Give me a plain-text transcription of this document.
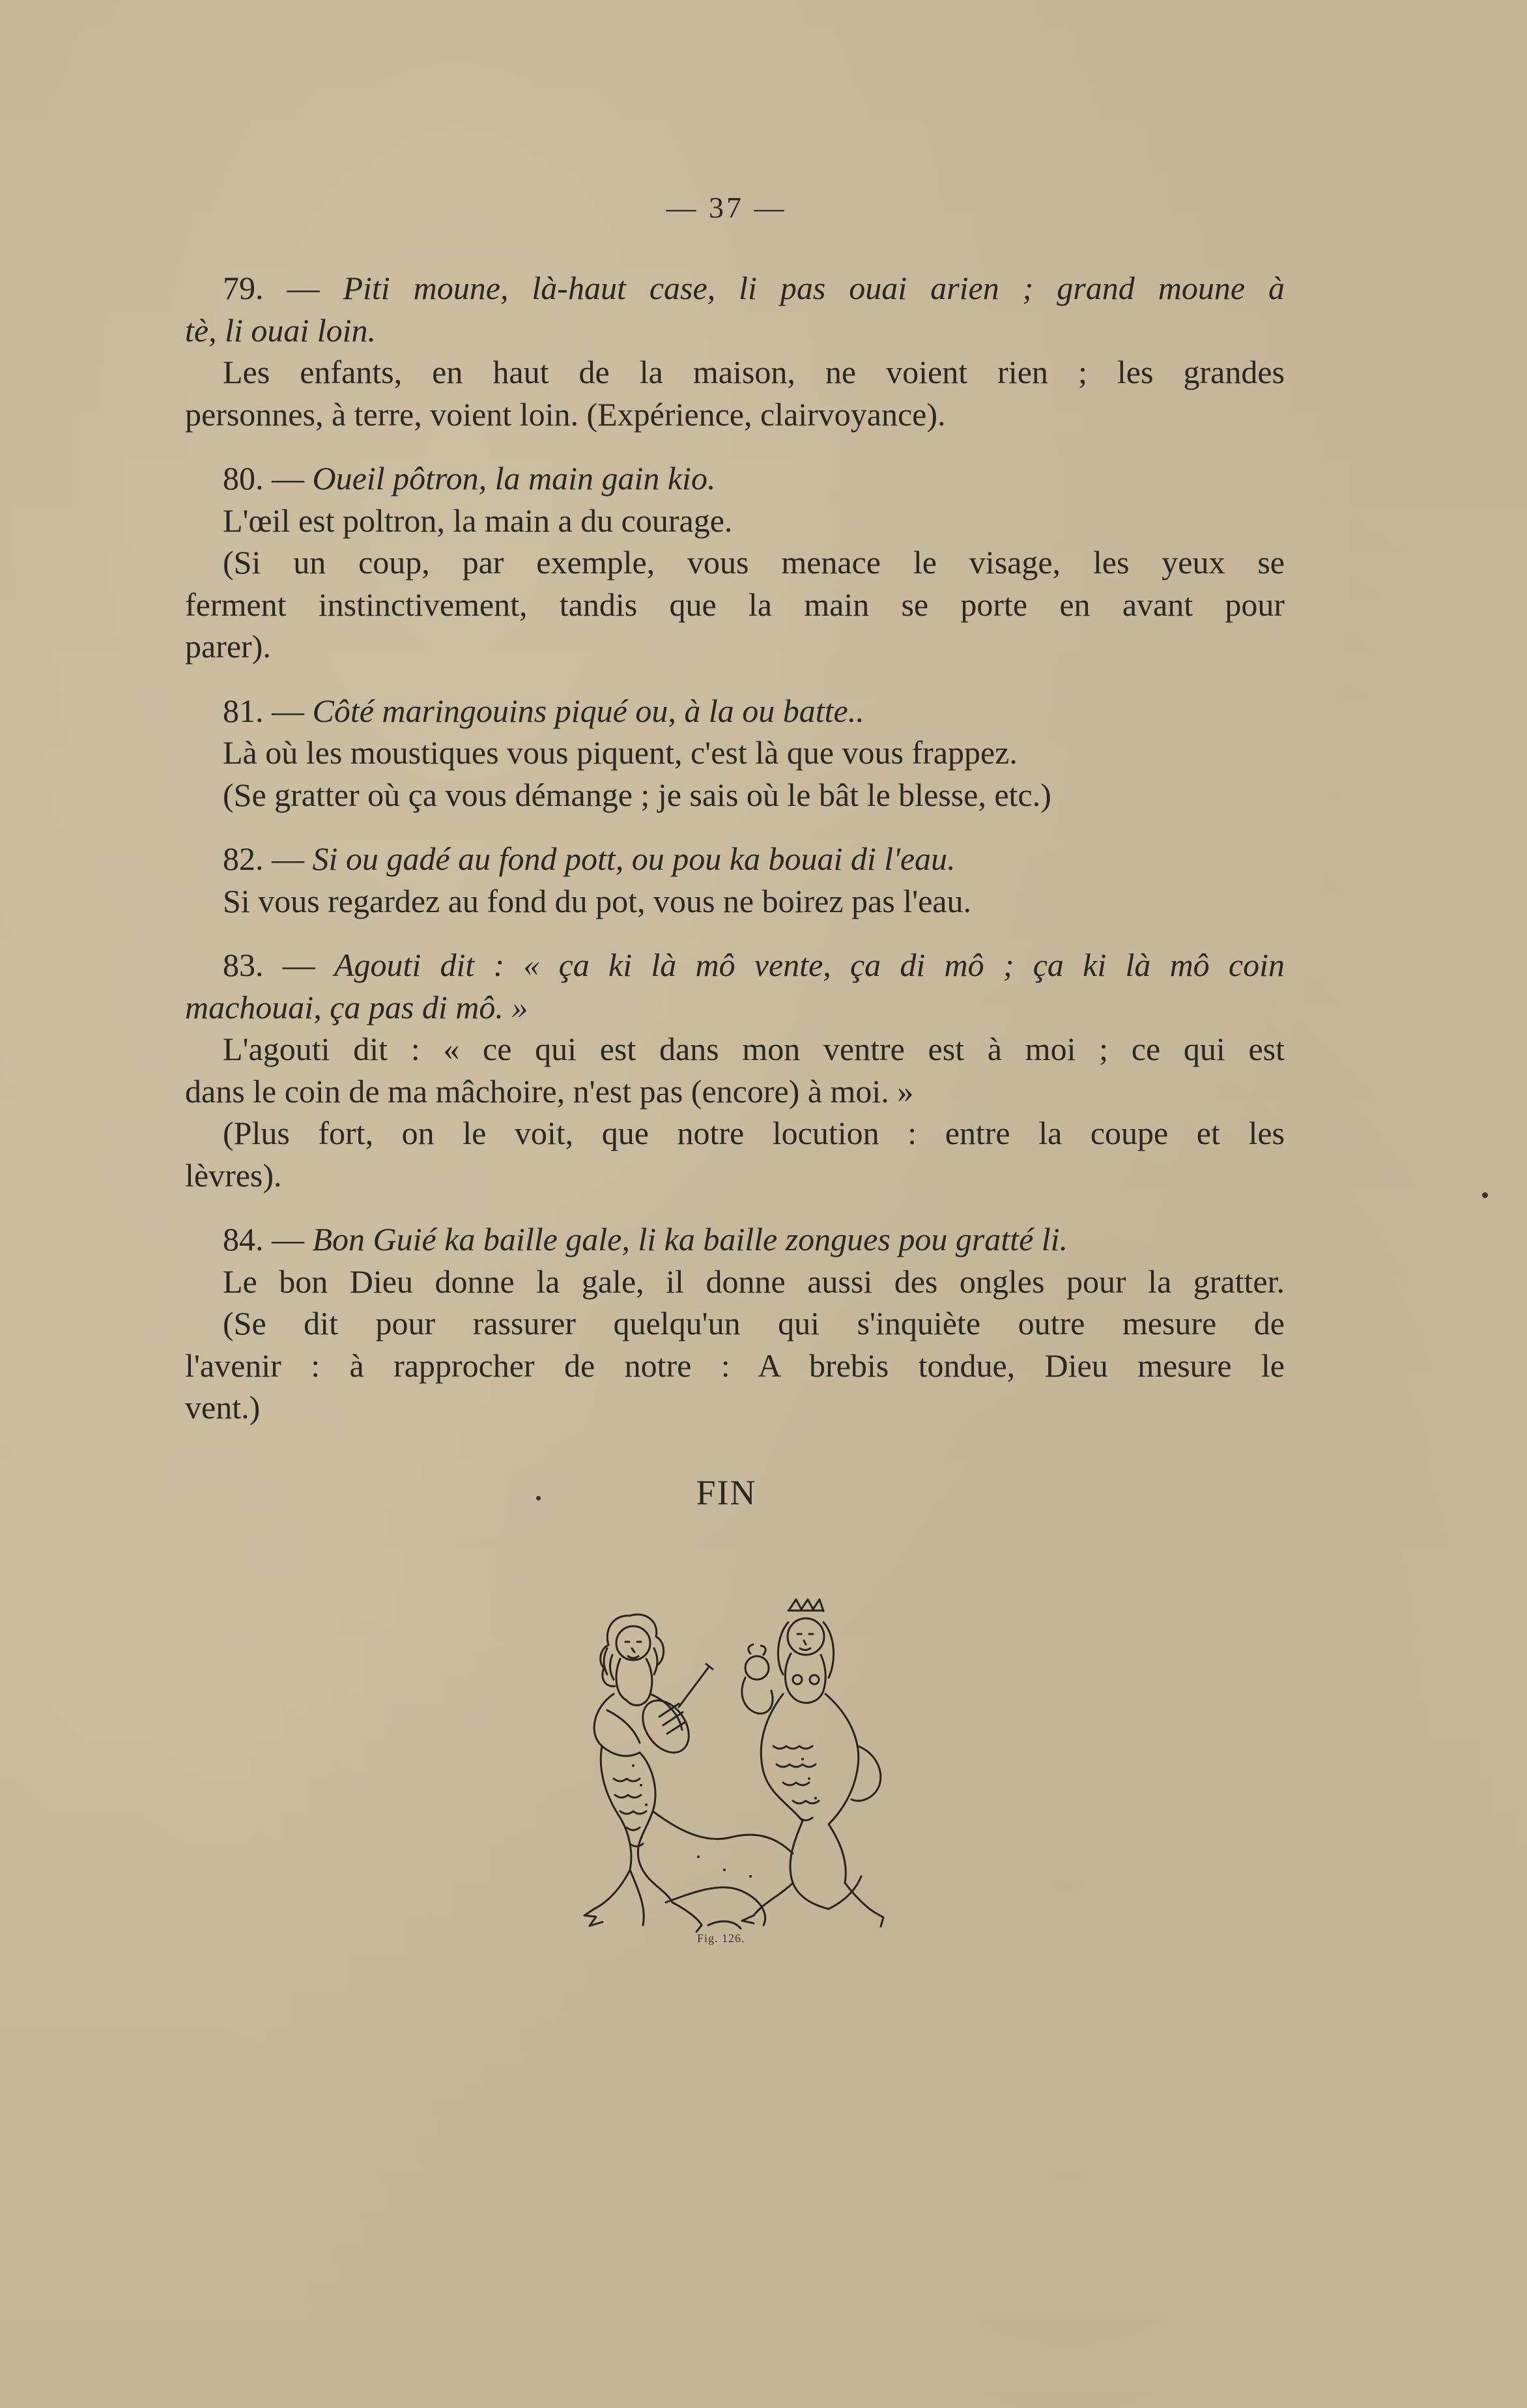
— 37 —
79. — Piti moune, là-haut case, li pas ouai arien ; grand moune à
tè, li ouai loin.
Les enfants, en haut de la maison, ne voient rien ; les grandes
personnes, à terre, voient loin. (Expérience, clairvoyance).
80. — Oueil pôtron, la main gain kio.
L'œil est poltron, la main a du courage.
(Si un coup, par exemple, vous menace le visage, les yeux se
ferment instinctivement, tandis que la main se porte en avant pour
parer).
81. — Côté maringouins piqué ou, à la ou batte..
Là où les moustiques vous piquent, c'est là que vous frappez.
(Se gratter où ça vous démange ; je sais où le bât le blesse, etc.)
82. — Si ou gadé au fond pott, ou pou ka bouai di l'eau.
Si vous regardez au fond du pot, vous ne boirez pas l'eau.
83. — Agouti dit : « ça ki là mô vente, ça di mô ; ça ki là mô coin
machouai, ça pas di mô. »
L'agouti dit : « ce qui est dans mon ventre est à moi ; ce qui est
dans le coin de ma mâchoire, n'est pas (encore) à moi. »
(Plus fort, on le voit, que notre locution : entre la coupe et les
lèvres).
84. — Bon Guié ka baille gale, li ka baille zongues pou gratté li.
Le bon Dieu donne la gale, il donne aussi des ongles pour la gratter.
(Se dit pour rassurer quelqu'un qui s'inquiète outre mesure de
l'avenir : à rapprocher de notre : A brebis tondue, Dieu mesure le
vent.)
FIN
Fig. 126.
